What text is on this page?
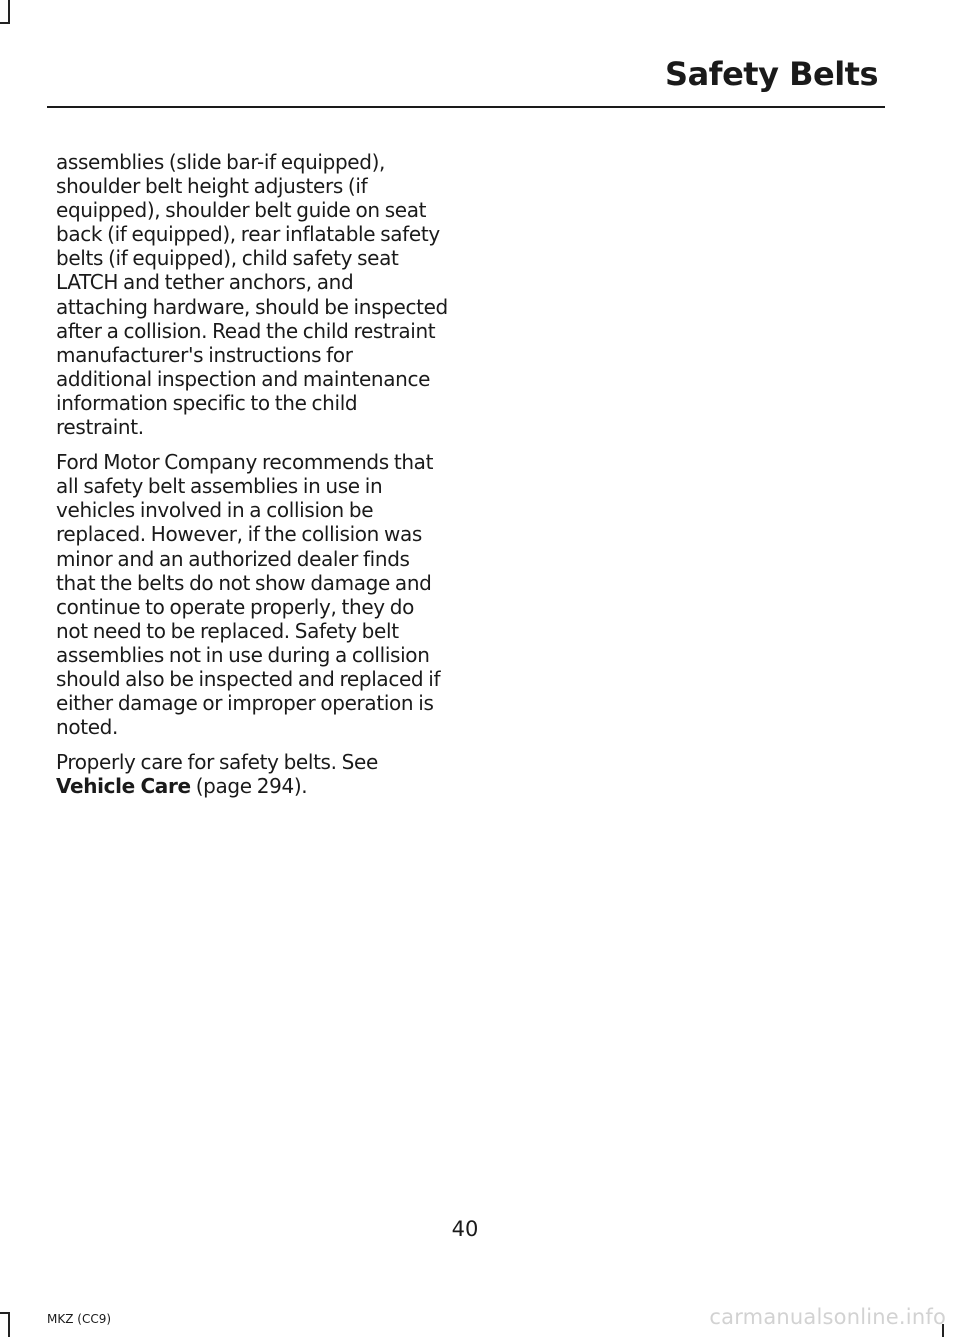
Safety Belts

assemblies (slide bar-if equipped), shoulder belt height adjusters (if equipped), shoulder belt guide on seat back (if equipped), rear inflatable safety belts (if equipped), child safety seat LATCH and tether anchors, and attaching hardware, should be inspected after a collision. Read the child restraint manufacturer's instructions for additional inspection and maintenance information specific to the child restraint.

Ford Motor Company recommends that all safety belt assemblies in use in vehicles involved in a collision be replaced. However, if the collision was minor and an authorized dealer finds that the belts do not show damage and continue to operate properly, they do not need to be replaced. Safety belt assemblies not in use during a collision should also be inspected and replaced if either damage or improper operation is noted.

Properly care for safety belts. See
Vehicle Care (page 294).

40
MKZ (CC9)	carmanualsonline.info
